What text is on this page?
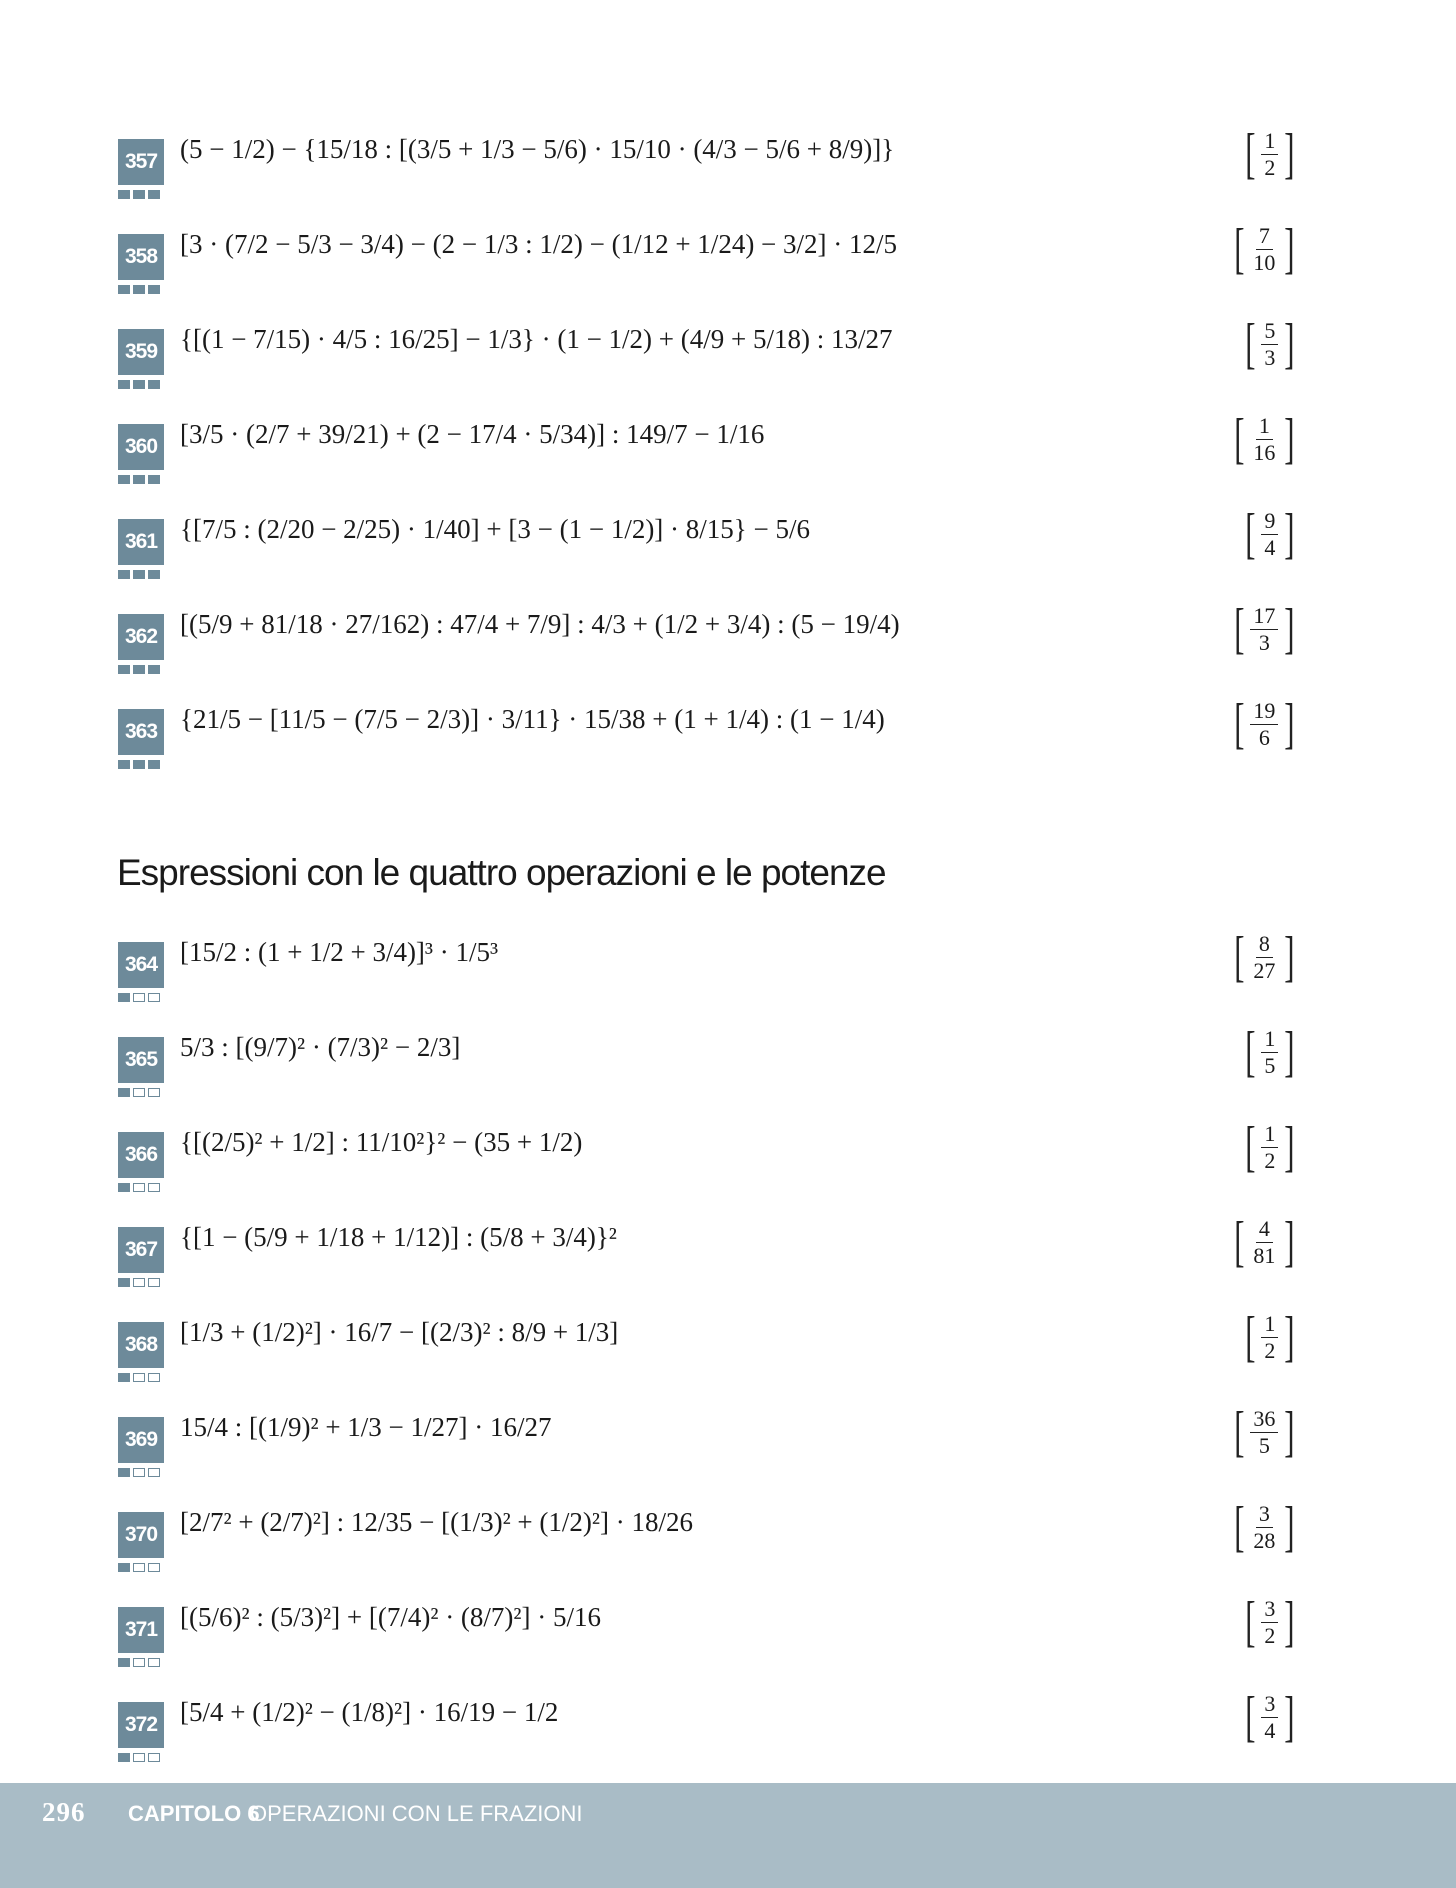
357 (5 − 1/2) − {15/18 : [(3/5 + 1/3 − 5/6) · 15/10 · (4/3 − 5/6 + 8/9)]}	[ $\frac{1}{2}$ ]
358 [3 · (7/2 − 5/3 − 3/4) − (2 − 1/3 : 1/2) − (1/12 + 1/24) − 3/2] · 12/5	[ $\frac{7}{10}$ ]
359 {[(1 − 7/15) · 4/5 : 16/25] − 1/3} · (1 − 1/2) + (4/9 + 5/18) : 13/27	[ $\frac{5}{3}$ ]
360 [3/5 · (2/7 + 39/21) + (2 − 17/4 · 5/34)] : 149/7 − 1/16	[ $\frac{1}{16}$ ]
361 {[7/5 : (2/20 − 2/25) · 1/40] + [3 − (1 − 1/2)] · 8/15} − 5/6	[ $\frac{9}{4}$ ]
362 [(5/9 + 81/18 · 27/162) : 47/4 + 7/9] : 4/3 + (1/2 + 3/4) : (5 − 19/4)	[ $\frac{17}{3}$ ]
363 {21/5 − [11/5 − (7/5 − 2/3)] · 3/11} · 15/38 + (1 + 1/4) : (1 − 1/4)	[ $\frac{19}{6}$ ]
Espressioni con le quattro operazioni e le potenze
364 [15/2 : (1 + 1/2 + 3/4)]³ · 1/5³	[ $\frac{8}{27}$ ]
365 5/3 : [(9/7)² · (7/3)² − 2/3]	[ $\frac{1}{5}$ ]
366 {[(2/5)² + 1/2] : 11/10²}² − (35 + 1/2)	[ $\frac{1}{2}$ ]
367 {[1 − (5/9 + 1/18 + 1/12)] : (5/8 + 3/4)}²	[ $\frac{4}{81}$ ]
368 [1/3 + (1/2)²] · 16/7 − [(2/3)² : 8/9 + 1/3]	[ $\frac{1}{2}$ ]
369 15/4 : [(1/9)² + 1/3 − 1/27] · 16/27	[ $\frac{36}{5}$ ]
370 [2/7² + (2/7)²] : 12/35 − [(1/3)² + (1/2)²] · 18/26	[ $\frac{3}{28}$ ]
371 [(5/6)² : (5/3)²] + [(7/4)² · (8/7)²] · 5/16	[ $\frac{3}{2}$ ]
372 [5/4 + (1/2)² − (1/8)²] · 16/19 − 1/2	[ $\frac{3}{4}$ ]
296 CAPITOLO 6
OPERAZIONI CON LE FRAZIONI
